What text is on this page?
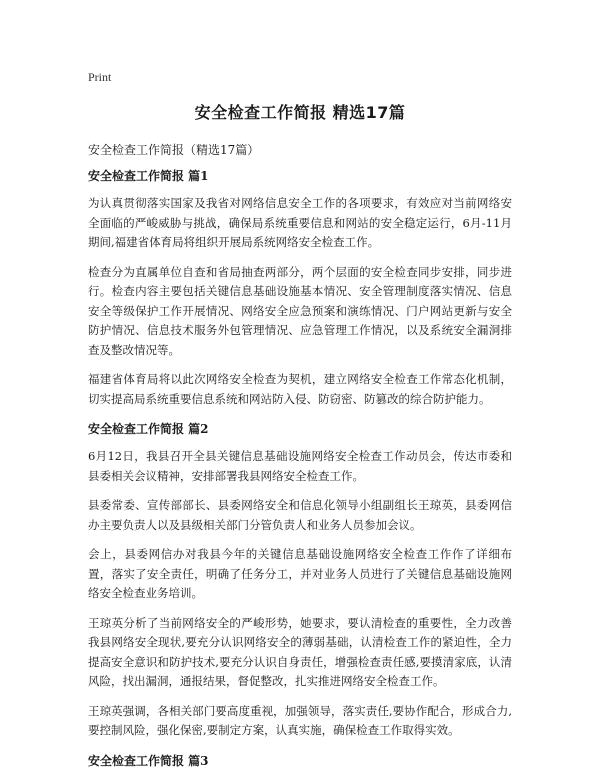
Print
安全检查工作简报 精选17篇
安全检查工作简报（精选17篇）
安全检查工作简报 篇1

为认真贯彻落实国家及我省对网络信息安全工作的各项要求，有效应对当前网络安全面临的严峻威胁与挑战，确保局系统重要信息和网站的安全稳定运行，6月-11月期间,福建省体育局将组织开展局系统网络安全检查工作。

检查分为直属单位自查和省局抽查两部分，两个层面的安全检查同步安排，同步进行。检查内容主要包括关键信息基础设施基本情况、安全管理制度落实情况、信息安全等级保护工作开展情况、网络安全应急预案和演练情况、门户网站更新与安全防护情况、信息技术服务外包管理情况、应急管理工作情况，以及系统安全漏洞排查及整改情况等。

福建省体育局将以此次网络安全检查为契机，建立网络安全检查工作常态化机制，切实提高局系统重要信息系统和网站防入侵、防窃密、防篡改的综合防护能力。

安全检查工作简报 篇2

6月12日，我县召开全县关键信息基础设施网络安全检查工作动员会，传达市委和县委相关会议精神，安排部署我县网络安全检查工作。

县委常委、宣传部部长、县委网络安全和信息化领导小组副组长王琼英，县委网信办主要负责人以及县级相关部门分管负责人和业务人员参加会议。

会上，县委网信办对我县今年的关键信息基础设施网络安全检查工作作了详细布置，落实了安全责任，明确了任务分工，并对业务人员进行了关键信息基础设施网络安全检查业务培训。

王琼英分析了当前网络安全的严峻形势，她要求，要认清检查的重要性，全力改善我县网络安全现状,要充分认识网络安全的薄弱基础，认清检查工作的紧迫性，全力提高安全意识和防护技术,要充分认识自身责任，增强检查责任感,要摸清家底，认清风险，找出漏洞，通报结果，督促整改，扎实推进网络安全检查工作。

王琼英强调，各相关部门要高度重视，加强领导，落实责任,要协作配合，形成合力,要控制风险，强化保密,要制定方案，认真实施，确保检查工作取得实效。

安全检查工作简报 篇3
